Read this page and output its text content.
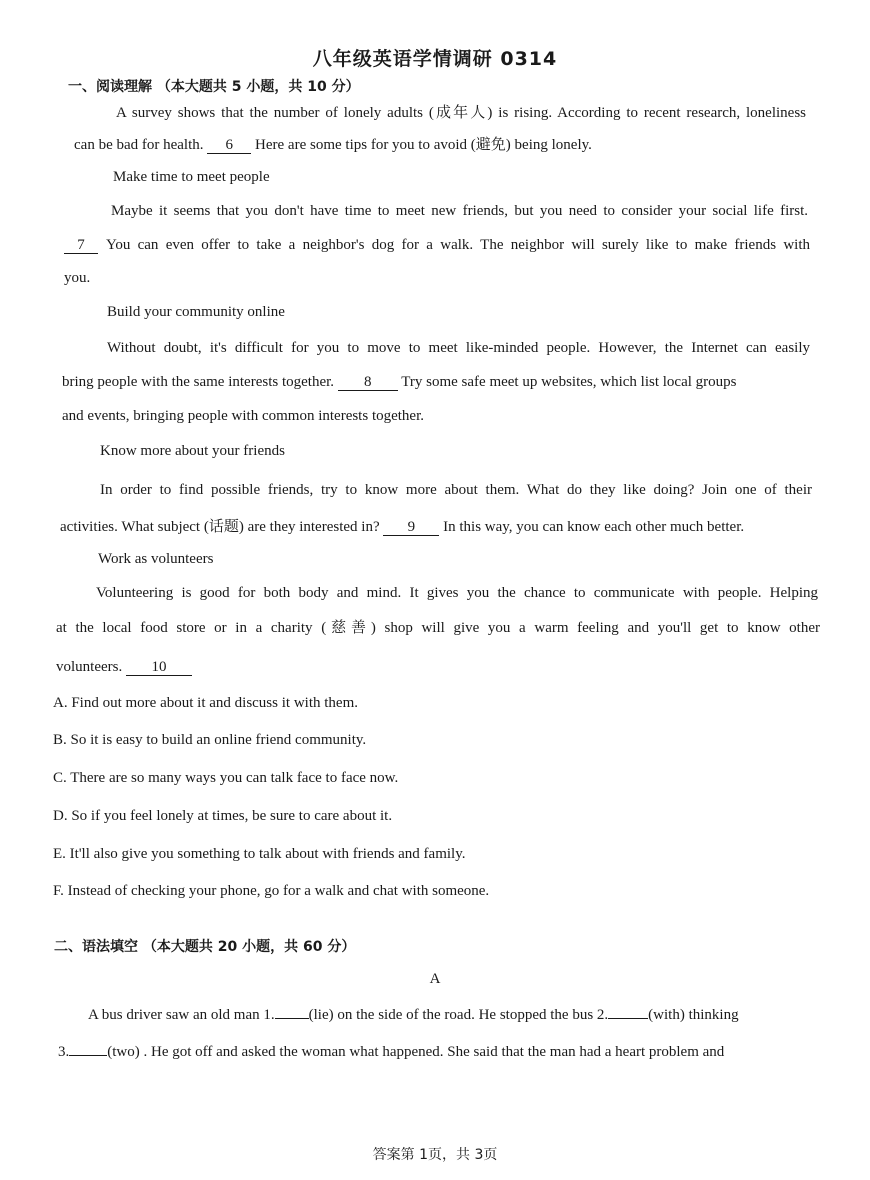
八年级英语学情调研 0314
一、阅读理解 （本大题共 5 小题，共 10 分）
A survey shows that the number of lonely adults (成年人) is rising. According to recent research, loneliness
can be bad for health. 6 Here are some tips for you to avoid (避免) being lonely.
Make time to meet people
Maybe it seems that you don't have time to meet new friends, but you need to consider your social life first.
7	You can even offer to take a neighbor's dog for a walk. The neighbor will surely like to make friends with
you.
Build your community online
Without doubt, it's difficult for you to move to meet like-minded people. However, the Internet can easily
bring people with the same interests together. 8 Try some safe meet up websites, which list local groups
and events, bringing people with common interests together.
Know more about your friends
In order to find possible friends, try to know more about them. What do they like doing? Join one of their
activities. What subject (话题) are they interested in? 9 In this way, you can know each other much better.
Work as volunteers
Volunteering is good for both body and mind. It gives you the chance to communicate with people. Helping
at the local food store or in a charity (慈善) shop will give you a warm feeling and you'll get to know other
volunteers. 10
A. Find out more about it and discuss it with them.
B. So it is easy to build an online friend community.
C. There are so many ways you can talk face to face now.
D. So if you feel lonely at times, be sure to care about it.
E. It'll also give you something to talk about with friends and family.
F. Instead of checking your phone, go for a walk and chat with someone.
二、语法填空 （本大题共 20 小题，共 60 分）
A
A bus driver saw an old man 1. (lie) on the side of the road. He stopped the bus 2.	(with) thinking
3.	(two) . He got off and asked the woman what happened. She said that the man had a heart problem and
答案第 1页，共 3页
